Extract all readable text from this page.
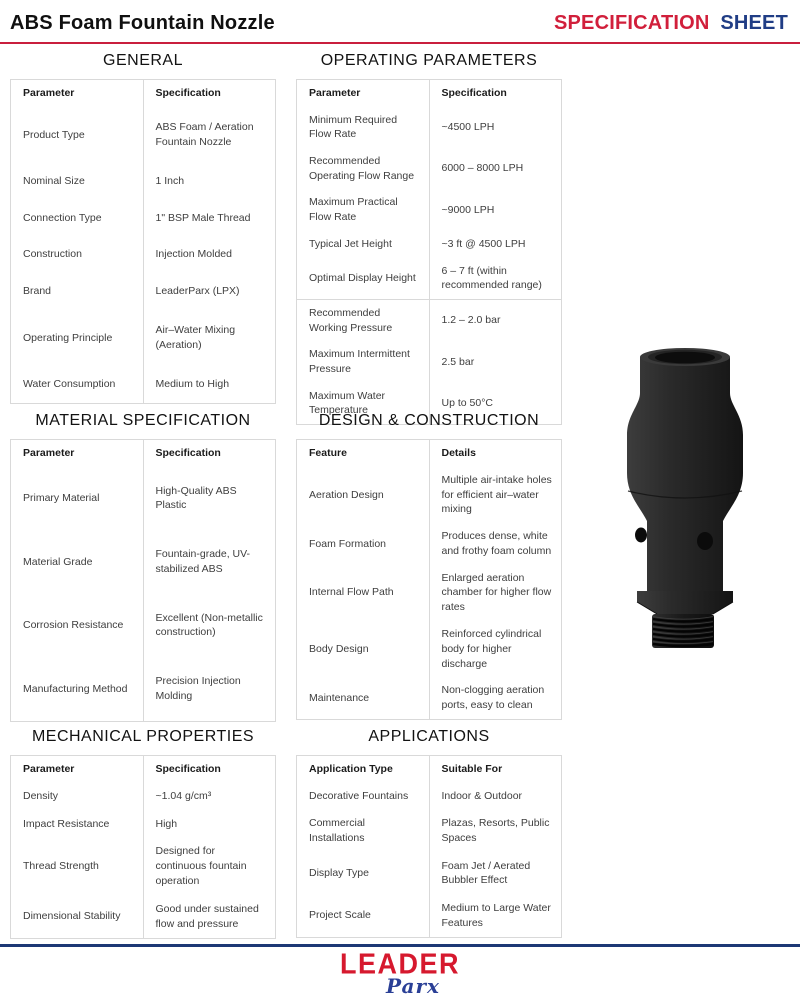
ABS Foam Fountain Nozzle	SPECIFICATION SHEET
GENERAL
Parameter	Specification
Product Type	ABS Foam / Aeration Fountain Nozzle
Nominal Size	1 Inch
Connection Type	1" BSP Male Thread
Construction	Injection Molded
Brand	LeaderParx (LPX)
Operating Principle	Air–Water Mixing (Aeration)
Water Consumption	Medium to High
OPERATING PARAMETERS
Parameter	Specification
Minimum Required Flow Rate	~4500 LPH
Recommended Operating Flow Range	6000 – 8000 LPH
Maximum Practical Flow Rate	~9000 LPH
Typical Jet Height	~3 ft @ 4500 LPH
Optimal Display Height	6 – 7 ft (within recommended range)
Recommended Working Pressure	1.2 – 2.0 bar
Maximum Intermittent Pressure	2.5 bar
Maximum Water Temperature	Up to 50°C
MATERIAL SPECIFICATION
Parameter	Specification
Primary Material	High-Quality ABS Plastic
Material Grade	Fountain-grade, UV-stabilized ABS
Corrosion Resistance	Excellent (Non-metallic construction)
Manufacturing Method	Precision Injection Molding
DESIGN & CONSTRUCTION
Feature	Details
Aeration Design	Multiple air-intake holes for efficient air–water mixing
Foam Formation	Produces dense, white and frothy foam column
Internal Flow Path	Enlarged aeration chamber for higher flow rates
Body Design	Reinforced cylindrical body for higher discharge
Maintenance	Non-clogging aeration ports, easy to clean
MECHANICAL PROPERTIES
Parameter	Specification
Density	~1.04 g/cm³
Impact Resistance	High
Thread Strength	Designed for continuous fountain operation
Dimensional Stability	Good under sustained flow and pressure
APPLICATIONS
Application Type	Suitable For
Decorative Fountains	Indoor & Outdoor
Commercial Installations	Plazas, Resorts, Public Spaces
Display Type	Foam Jet / Aerated Bubbler Effect
Project Scale	Medium to Large Water Features
LEADER
Parx
